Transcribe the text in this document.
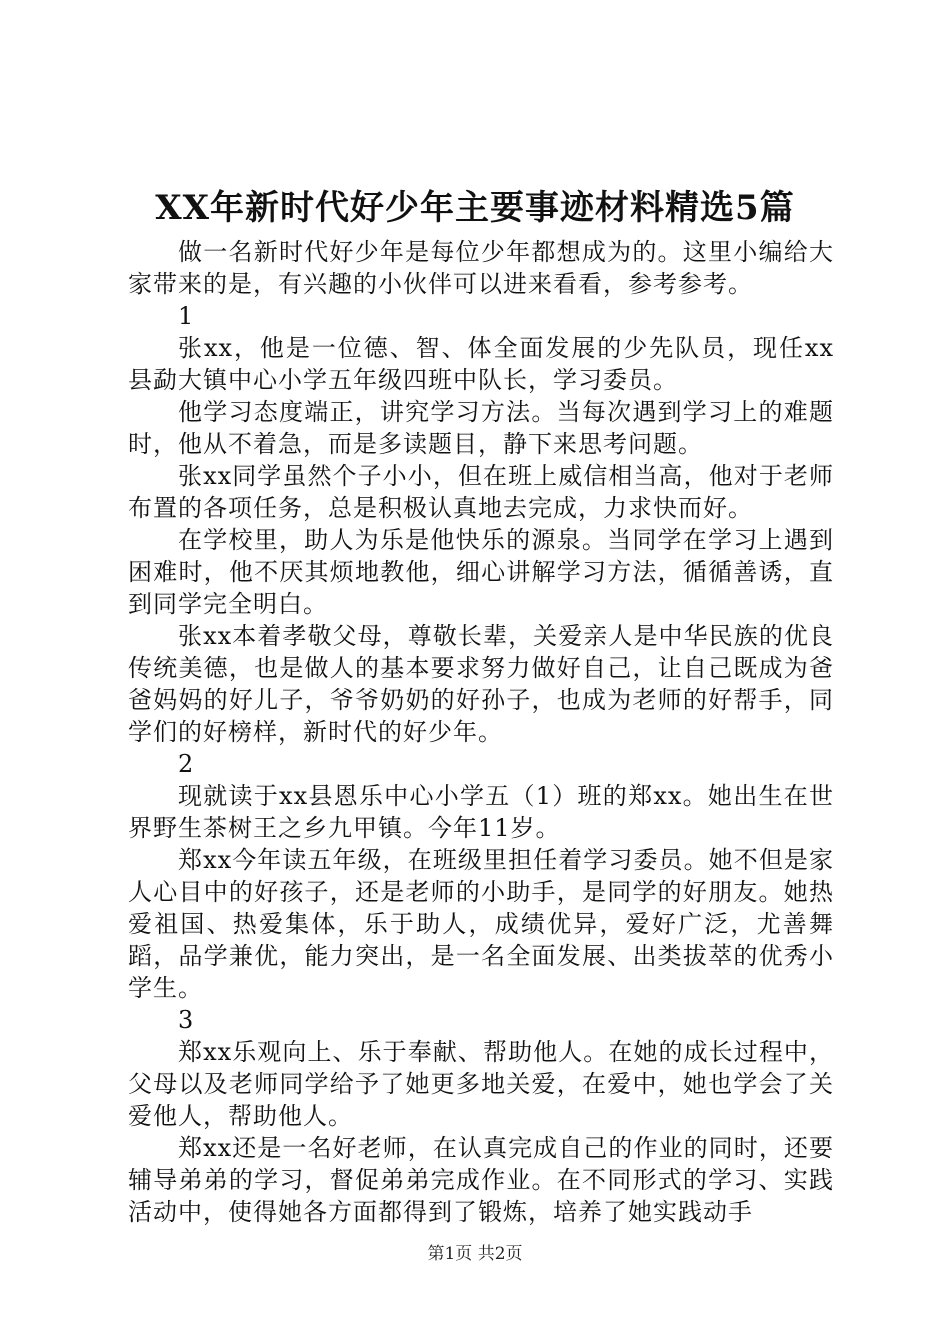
XX年新时代好少年主要事迹材料精选5篇

做一名新时代好少年是每位少年都想成为的。这里小编给大家带来的是，有兴趣的小伙伴可以进来看看，参考参考。

1

张xx，他是一位德、智、体全面发展的少先队员，现任xx县勐大镇中心小学五年级四班中队长，学习委员。

他学习态度端正，讲究学习方法。当每次遇到学习上的难题时，他从不着急，而是多读题目，静下来思考问题。

张xx同学虽然个子小小，但在班上威信相当高，他对于老师布置的各项任务，总是积极认真地去完成，力求快而好。

在学校里，助人为乐是他快乐的源泉。当同学在学习上遇到困难时，他不厌其烦地教他，细心讲解学习方法，循循善诱，直到同学完全明白。

张xx本着孝敬父母，尊敬长辈，关爱亲人是中华民族的优良传统美德，也是做人的基本要求努力做好自己，让自己既成为爸爸妈妈的好儿子，爷爷奶奶的好孙子，也成为老师的好帮手，同学们的好榜样，新时代的好少年。

2

现就读于xx县恩乐中心小学五（1）班的郑xx。她出生在世界野生茶树王之乡九甲镇。今年11岁。

郑xx今年读五年级，在班级里担任着学习委员。她不但是家人心目中的好孩子，还是老师的小助手，是同学的好朋友。她热爱祖国、热爱集体，乐于助人，成绩优异，爱好广泛，尤善舞蹈，品学兼优，能力突出，是一名全面发展、出类拔萃的优秀小学生。

3

郑xx乐观向上、乐于奉献、帮助他人。在她的成长过程中，父母以及老师同学给予了她更多地关爱，在爱中，她也学会了关爱他人，帮助他人。

郑xx还是一名好老师，在认真完成自己的作业的同时，还要辅导弟弟的学习，督促弟弟完成作业。在不同形式的学习、实践活动中，使得她各方面都得到了锻炼，培养了她实践动手

第1页 共2页
